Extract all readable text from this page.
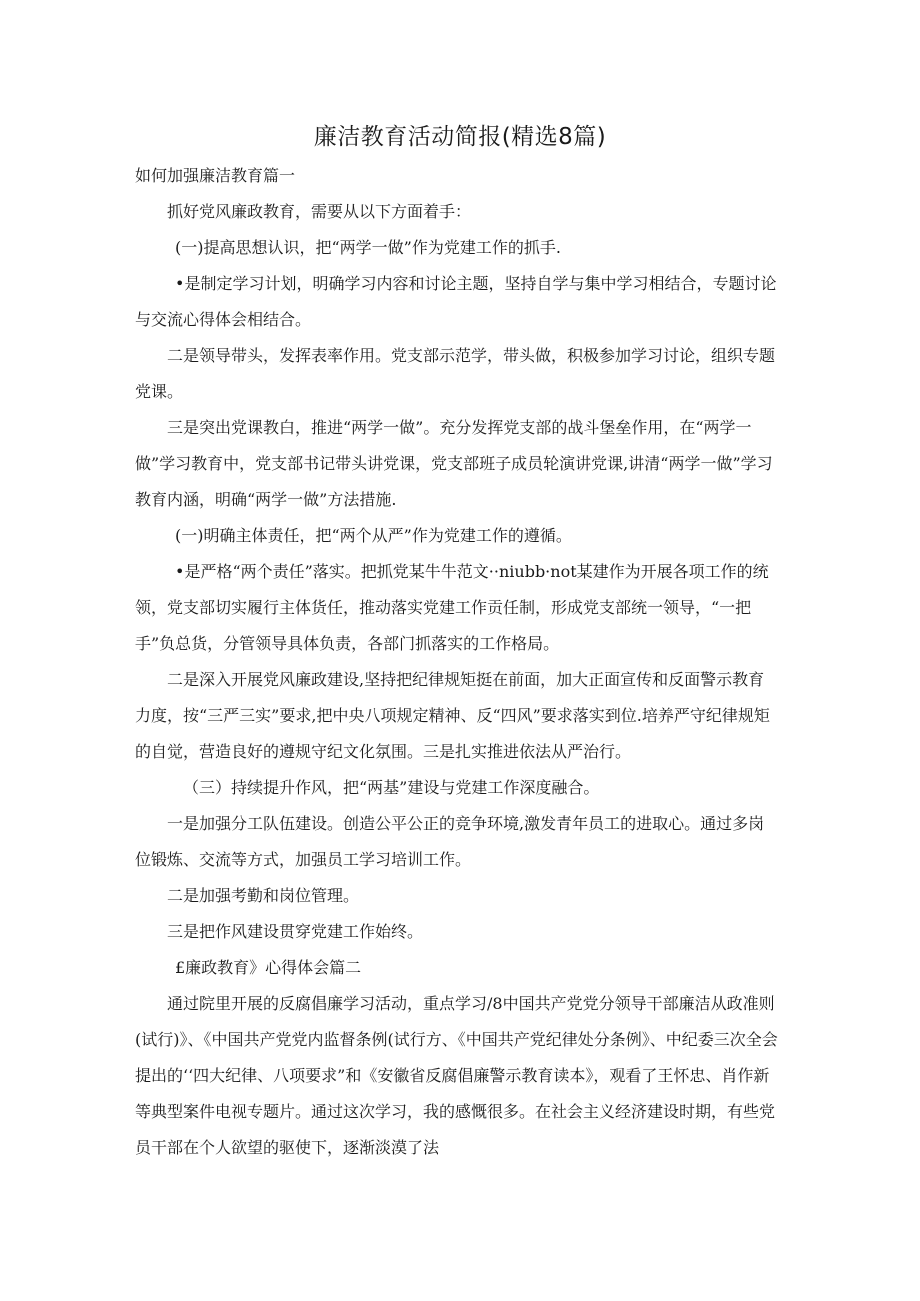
廉洁教育活动简报(精选8篇)

如何加强廉洁教育篇一

抓好党风廉政教育，需要从以下方面着手：

(一)提高思想认识，把“两学一做”作为党建工作的抓手.

•是制定学习计划，明确学习内容和讨论主题，坚持自学与集中学习相结合，专题讨论与交流心得体会相结合。

二是领导带头，发挥表率作用。党支部示范学，带头做，积极参加学习讨论，组织专题党课。

三是突出党课教白，推进“两学一做”。充分发挥党支部的战斗堡垒作用，在“两学一做”学习教育中，党支部书记带头讲党课，党支部班子成员轮演讲党课,讲清“两学一做”学习教育内涵，明确“两学一做”方法措施.

(一)明确主体责任，把“两个从严”作为党建工作的遵循。

•是严格“两个责任”落实。把抓党某牛牛范文··niubb·not某建作为开展各项工作的统领，党支部切实履行主体货任，推动落实党建工作贡任制，形成党支部统一领导，“一把手”负总货，分管领导具体负责，各部门抓落实的工作格局。

二是深入开展党风廉政建设,坚持把纪律规矩挺在前面，加大正面宣传和反面警示教育力度，按“三严三实”要求,把中央八项规定精神、反“四风”要求落实到位.培养严守纪律规矩的自觉，营造良好的遵规守纪文化氛围。三是扎实推进依法从严治行。

（三）持续提升作风，把“两基”建设与党建工作深度融合。

一是加强分工队伍建设。创造公平公正的竞争环境,激发青年员工的进取心。通过多岗位锻炼、交流等方式，加强员工学习培训工作。

二是加强考勤和岗位管理。

三是把作风建设贯穿党建工作始终。

£廉政教育》心得体会篇二

通过院里开展的反腐倡廉学习活动，重点学习/8中国共产党党分领导干部廉洁从政准则(试行)》、《中国共产党党内监督条例(试行方、《中国共产党纪律处分条例》、中纪委三次全会提出的‘‘四大纪律、八项要求”和《安徽省反腐倡廉警示教育读本》，观看了王怀忠、肖作新等典型案件电视专题片。通过这次学习，我的感慨很多。在社会主义经济建设时期，有些党员干部在个人欲望的驱使下，逐渐淡漠了法
